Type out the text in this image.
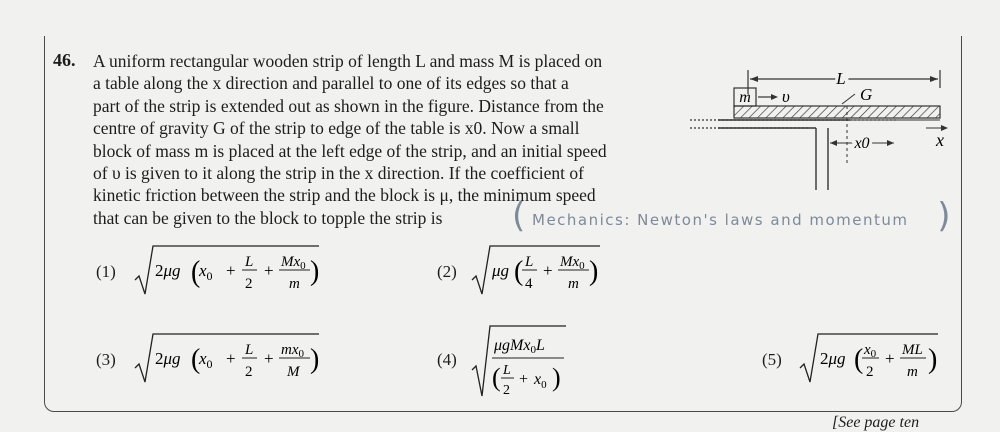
46. A uniform rectangular wooden strip of length L and mass M is placed on
a table along the x direction and parallel to one of its edges so that a
part of the strip is extended out as shown in the figure. Distance from the
centre of gravity G of the strip to edge of the table is x0. Now a small
block of mass m is placed at the left edge of the strip, and an initial speed
of υ is given to it along the strip in the x direction. If the coefficient of
kinetic friction between the strip and the block is μ, the minimum speed
that can be given to the block to topple the strip is	( Mechanics: Newton's laws and momentum )
L
m υ	G
x0	x
(1) 2μg (
$x_0 + L$
2
+ $Mx_0$
m )	(2) μg ( L
4
+ $Mx_0$
m )
(3) 2μg (
$x_0 + L$
2
+ $mx_0$
M )	(4)
μgMx0L
( L
2
+ $x_0$ )
(5) 2μg ( $x_0$
2
+ ML
m )
[See page ten
